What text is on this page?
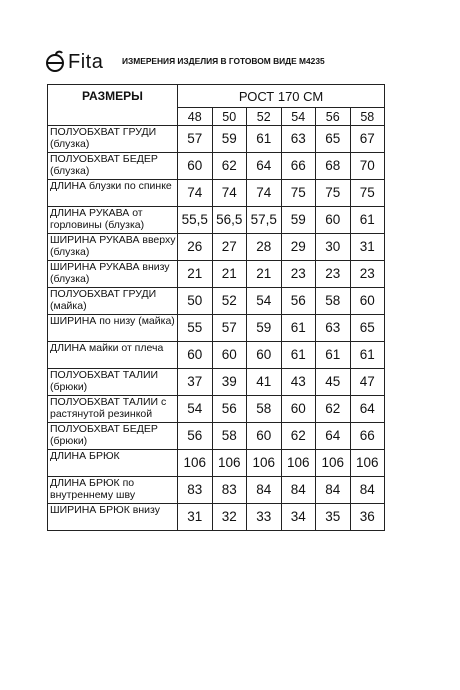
Fita ИЗМЕРЕНИЯ ИЗДЕЛИЯ В ГОТОВОМ ВИДЕ М4235
РАЗМЕРЫ	РОСТ 170 СМ					
	48	50	52	54	56	58
ПОЛУОБХВАТ ГРУДИ (блузка)	57	59	61	63	65	67
ПОЛУОБХВАТ БЕДЕР (блузка)	60	62	64	66	68	70
ДЛИНА блузки по спинке	74	74	74	75	75	75
ДЛИНА РУКАВА от горловины (блузка)	55,5	56,5	57,5	59	60	61
ШИРИНА РУКАВА вверху (блузка)	26	27	28	29	30	31
ШИРИНА РУКАВА внизу (блузка)	21	21	21	23	23	23
ПОЛУОБХВАТ ГРУДИ (майка)	50	52	54	56	58	60
ШИРИНА по низу (майка)	55	57	59	61	63	65
ДЛИНА майки от плеча	60	60	60	61	61	61
ПОЛУОБХВАТ ТАЛИИ (брюки)	37	39	41	43	45	47
ПОЛУОБХВАТ ТАЛИИ с растянутой резинкой	54	56	58	60	62	64
ПОЛУОБХВАТ БЕДЕР (брюки)	56	58	60	62	64	66
ДЛИНА БРЮК	106	106	106	106	106	106
ДЛИНА БРЮК по внутреннему шву	83	83	84	84	84	84
ШИРИНА БРЮК внизу	31	32	33	34	35	36
